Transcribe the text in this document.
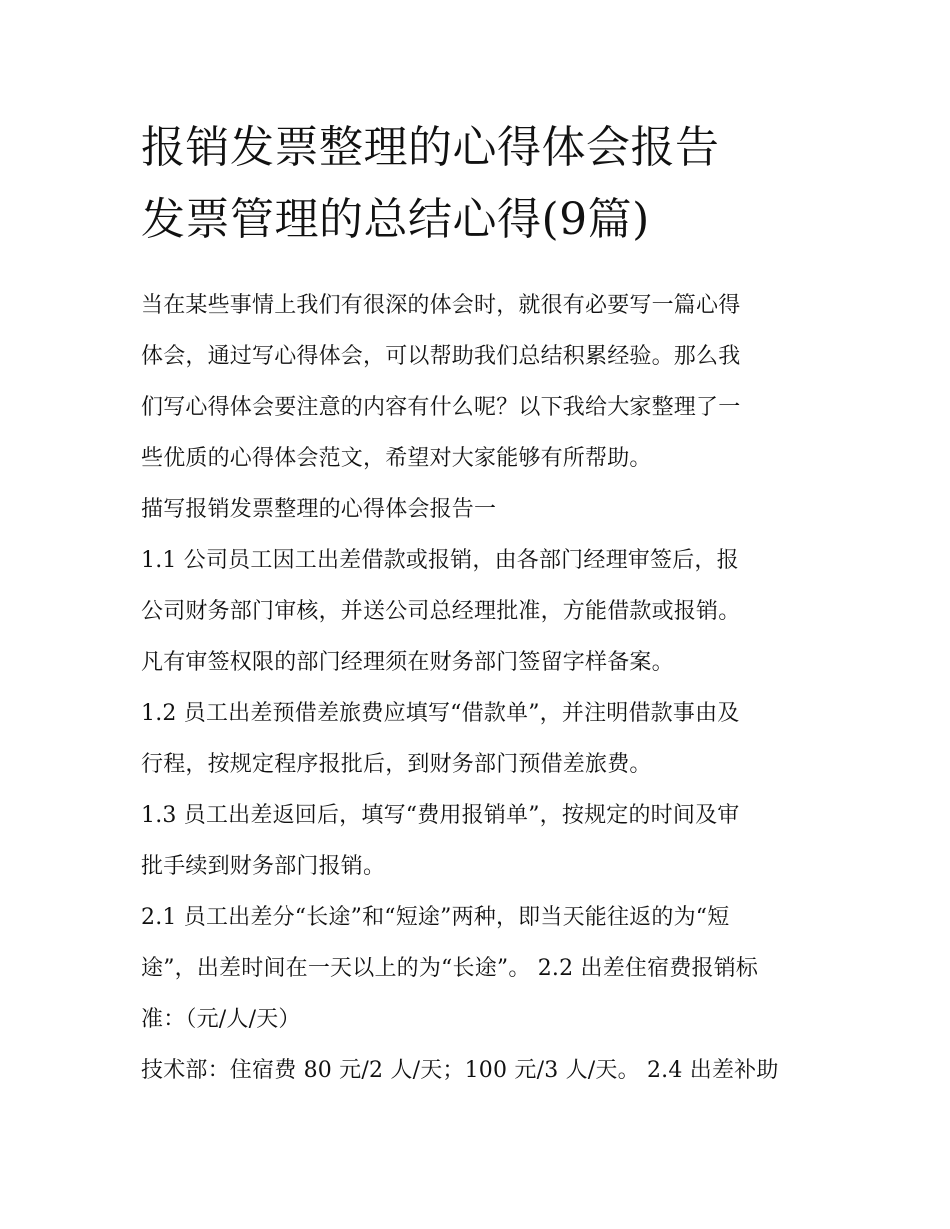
报销发票整理的心得体会报告
发票管理的总结心得(9篇)
当在某些事情上我们有很深的体会时，就很有必要写一篇心得
体会，通过写心得体会，可以帮助我们总结积累经验。那么我
们写心得体会要注意的内容有什么呢？以下我给大家整理了一
些优质的心得体会范文，希望对大家能够有所帮助。
描写报销发票整理的心得体会报告一
1.1 公司员工因工出差借款或报销，由各部门经理审签后，报
公司财务部门审核，并送公司总经理批准，方能借款或报销。
凡有审签权限的部门经理须在财务部门签留字样备案。
1.2 员工出差预借差旅费应填写“借款单”，并注明借款事由及
行程，按规定程序报批后，到财务部门预借差旅费。
1.3 员工出差返回后，填写“费用报销单”，按规定的时间及审
批手续到财务部门报销。
2.1 员工出差分“长途”和“短途”两种，即当天能往返的为“短
途”，出差时间在一天以上的为“长途”。 2.2 出差住宿费报销标
准：（元/人/天）
技术部：住宿费 80 元/2 人/天；100 元/3 人/天。 2.4 出差补助
